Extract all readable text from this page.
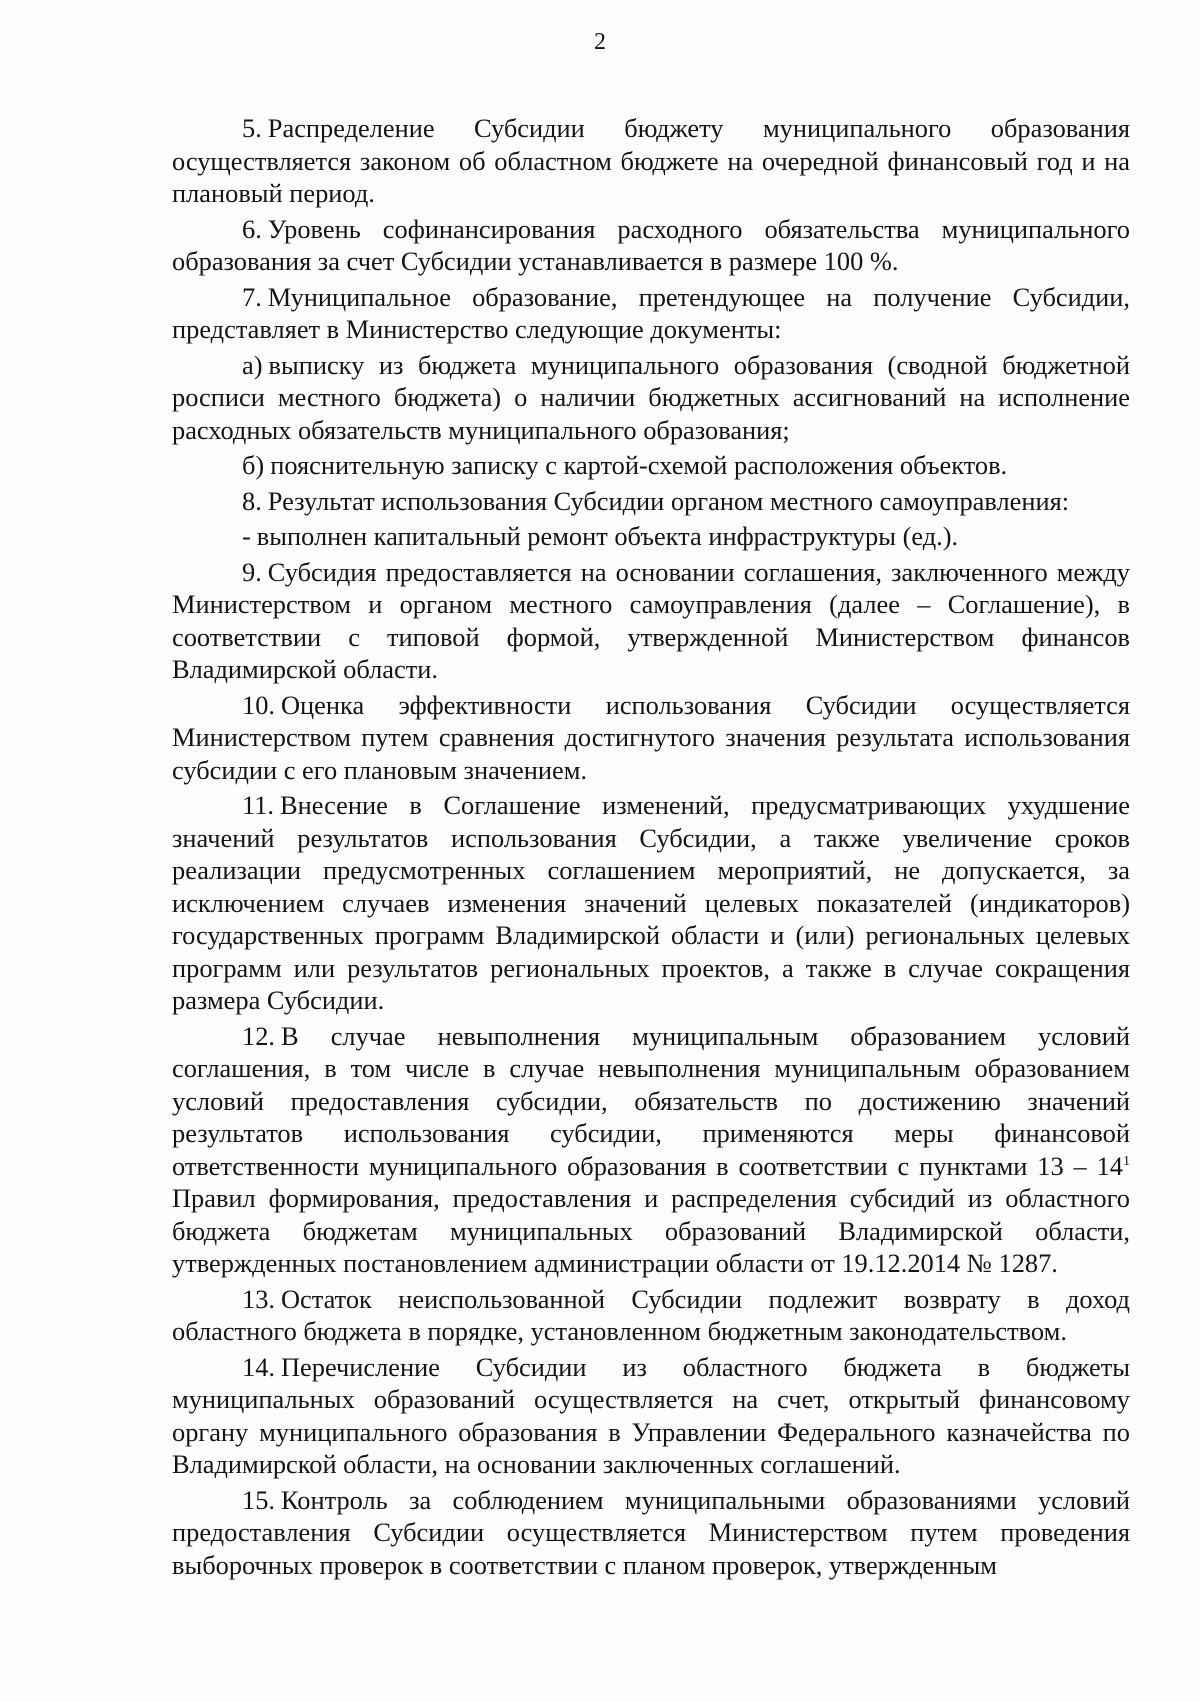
2

5. Распределение Субсидии бюджету муниципального образования осуществляется законом об областном бюджете на очередной финансовый год и на плановый период.

6. Уровень софинансирования расходного обязательства муниципального образования за счет Субсидии устанавливается в размере 100 %.

7. Муниципальное образование, претендующее на получение Субсидии, представляет в Министерство следующие документы:

а) выписку из бюджета муниципального образования (сводной бюджетной росписи местного бюджета) о наличии бюджетных ассигнований на исполнение расходных обязательств муниципального образования;

б) пояснительную записку с картой-схемой расположения объектов.

8. Результат использования Субсидии органом местного самоуправления:

- выполнен капитальный ремонт объекта инфраструктуры (ед.).

9. Субсидия предоставляется на основании соглашения, заключенного между Министерством и органом местного самоуправления (далее – Соглашение), в соответствии с типовой формой, утвержденной Министерством финансов Владимирской области.

10. Оценка эффективности использования Субсидии осуществляется Министерством путем сравнения достигнутого значения результата использования субсидии с его плановым значением.

11. Внесение в Соглашение изменений, предусматривающих ухудшение значений результатов использования Субсидии, а также увеличение сроков реализации предусмотренных соглашением мероприятий, не допускается, за исключением случаев изменения значений целевых показателей (индикаторов) государственных программ Владимирской области и (или) региональных целевых программ или результатов региональных проектов, а также в случае сокращения размера Субсидии.

12. В случае невыполнения муниципальным образованием условий соглашения, в том числе в случае невыполнения муниципальным образованием условий предоставления субсидии, обязательств по достижению значений результатов использования субсидии, применяются меры финансовой ответственности муниципального образования в соответствии с пунктами $13 - 14^1$ Правил формирования, предоставления и распределения субсидий из областного бюджета бюджетам муниципальных образований Владимирской области, утвержденных постановлением администрации области от 19.12.2014 № 1287.

13. Остаток неиспользованной Субсидии подлежит возврату в доход областного бюджета в порядке, установленном бюджетным законодательством.

14. Перечисление Субсидии из областного бюджета в бюджеты муниципальных образований осуществляется на счет, открытый финансовому органу муниципального образования в Управлении Федерального казначейства по Владимирской области, на основании заключенных соглашений.

15. Контроль за соблюдением муниципальными образованиями условий предоставления Субсидии осуществляется Министерством путем проведения выборочных проверок в соответствии с планом проверок, утвержденным
